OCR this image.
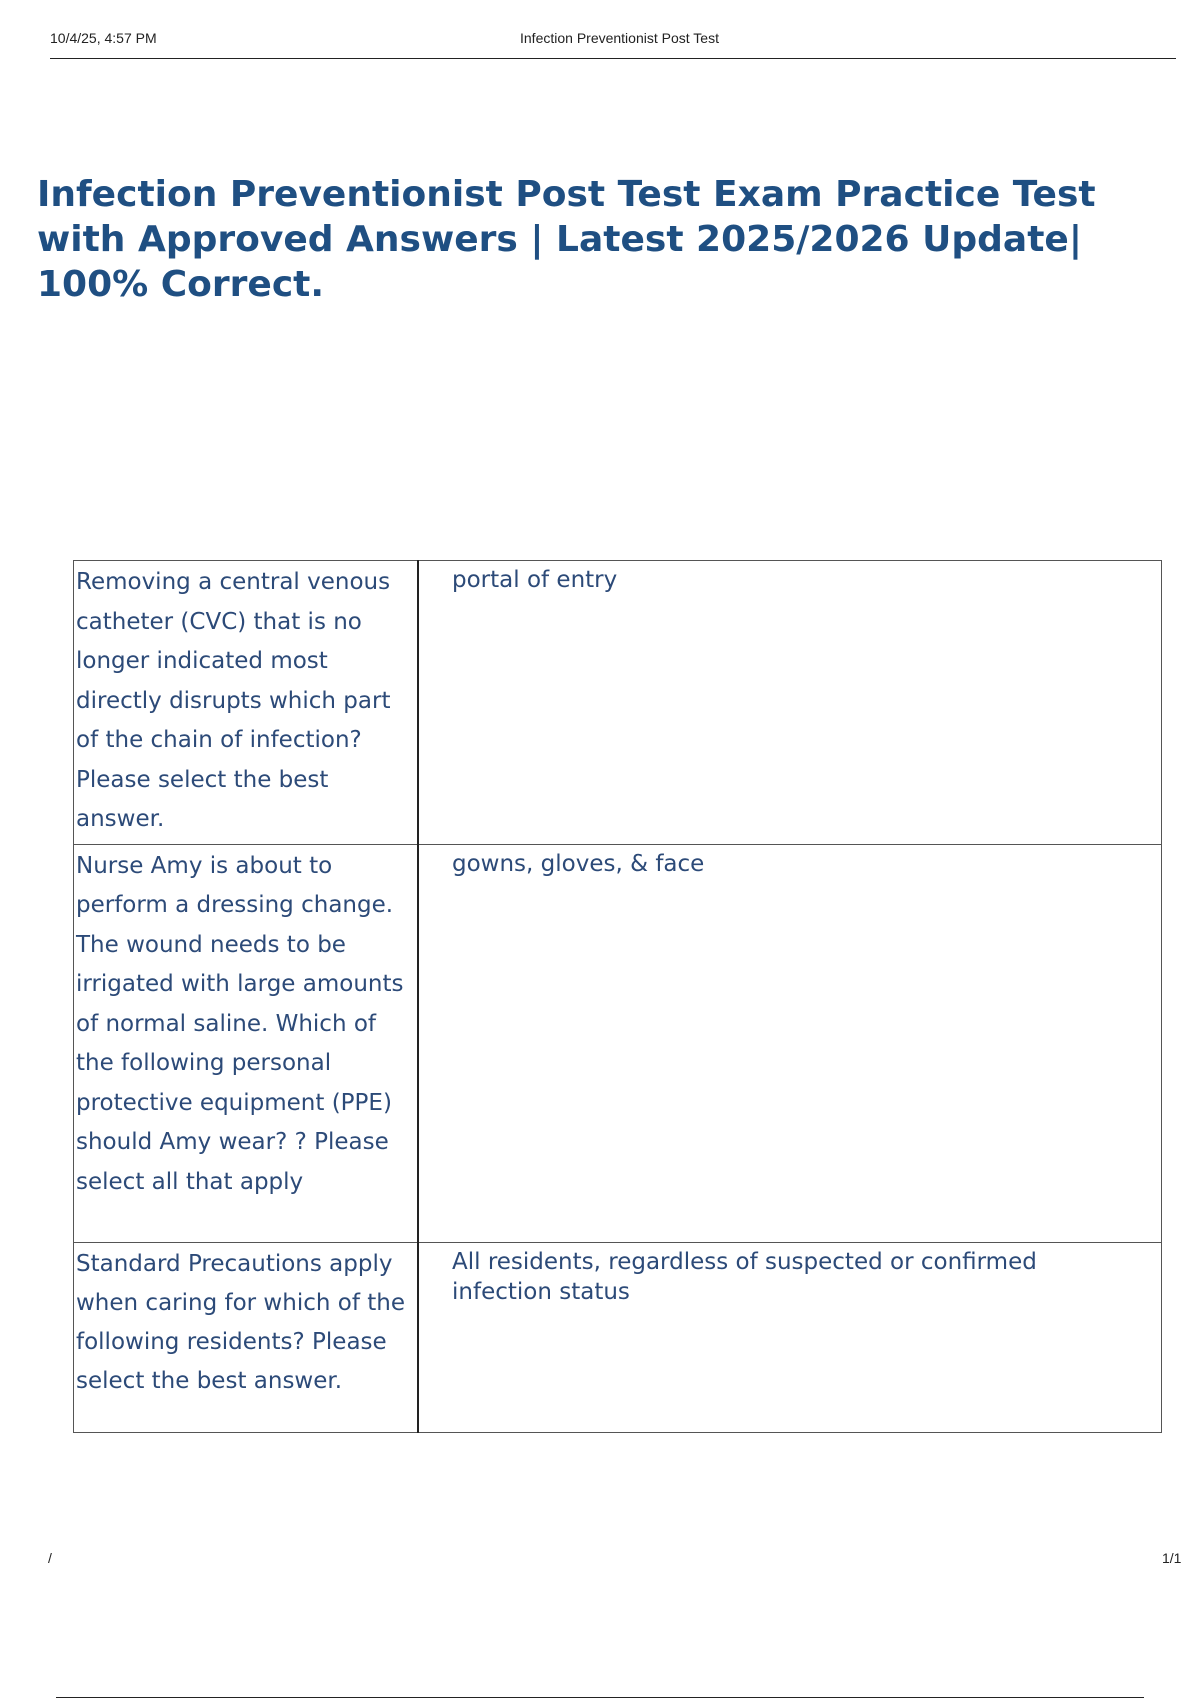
10/4/25, 4:57 PM	Infection Preventionist Post Test
Infection Preventionist Post Test Exam Practice Test with Approved Answers | Latest 2025/2026 Update| 100% Correct.
Removing a central venous catheter (CVC) that is no longer indicated most directly disrupts which part of the chain of infection? Please select the best answer.	portal of entry
Nurse Amy is about to perform a dressing change. The wound needs to be irrigated with large amounts of normal saline. Which of the following personal protective equipment (PPE) should Amy wear? ? Please select all that apply	gowns, gloves, & face
Standard Precautions apply when caring for which of the following residents? Please select the best answer.	All residents, regardless of suspected or confirmed infection status
/	1/1
